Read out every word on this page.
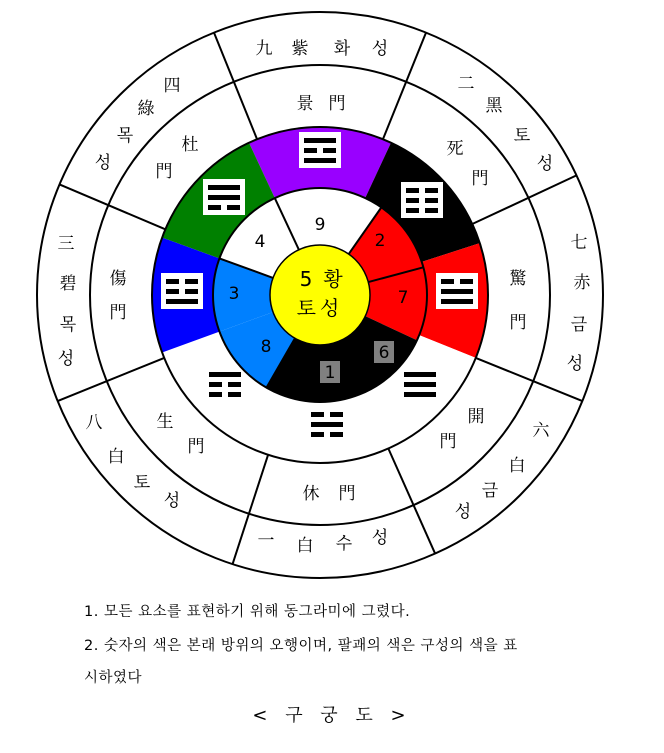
9
2
7
6
1
8
3
4
景 門
死
門
驚
門
開
門
休 門
生
門
傷
門
杜
門
九 紫 화 성
二
黑
토
성
七
赤
금
성
六
白
금
성
一 白 수 성
八
白
토
성
三
碧
목
성
四
綠
목
성
5 황
토성
1. 모든 요소를 표현하기 위해 동그라미에 그렸다.
2. 숫자의 색은 본래 방위의 오행이며, 팔괘의 색은 구성의 색을 표
시하였다
< 구 궁 도 >
